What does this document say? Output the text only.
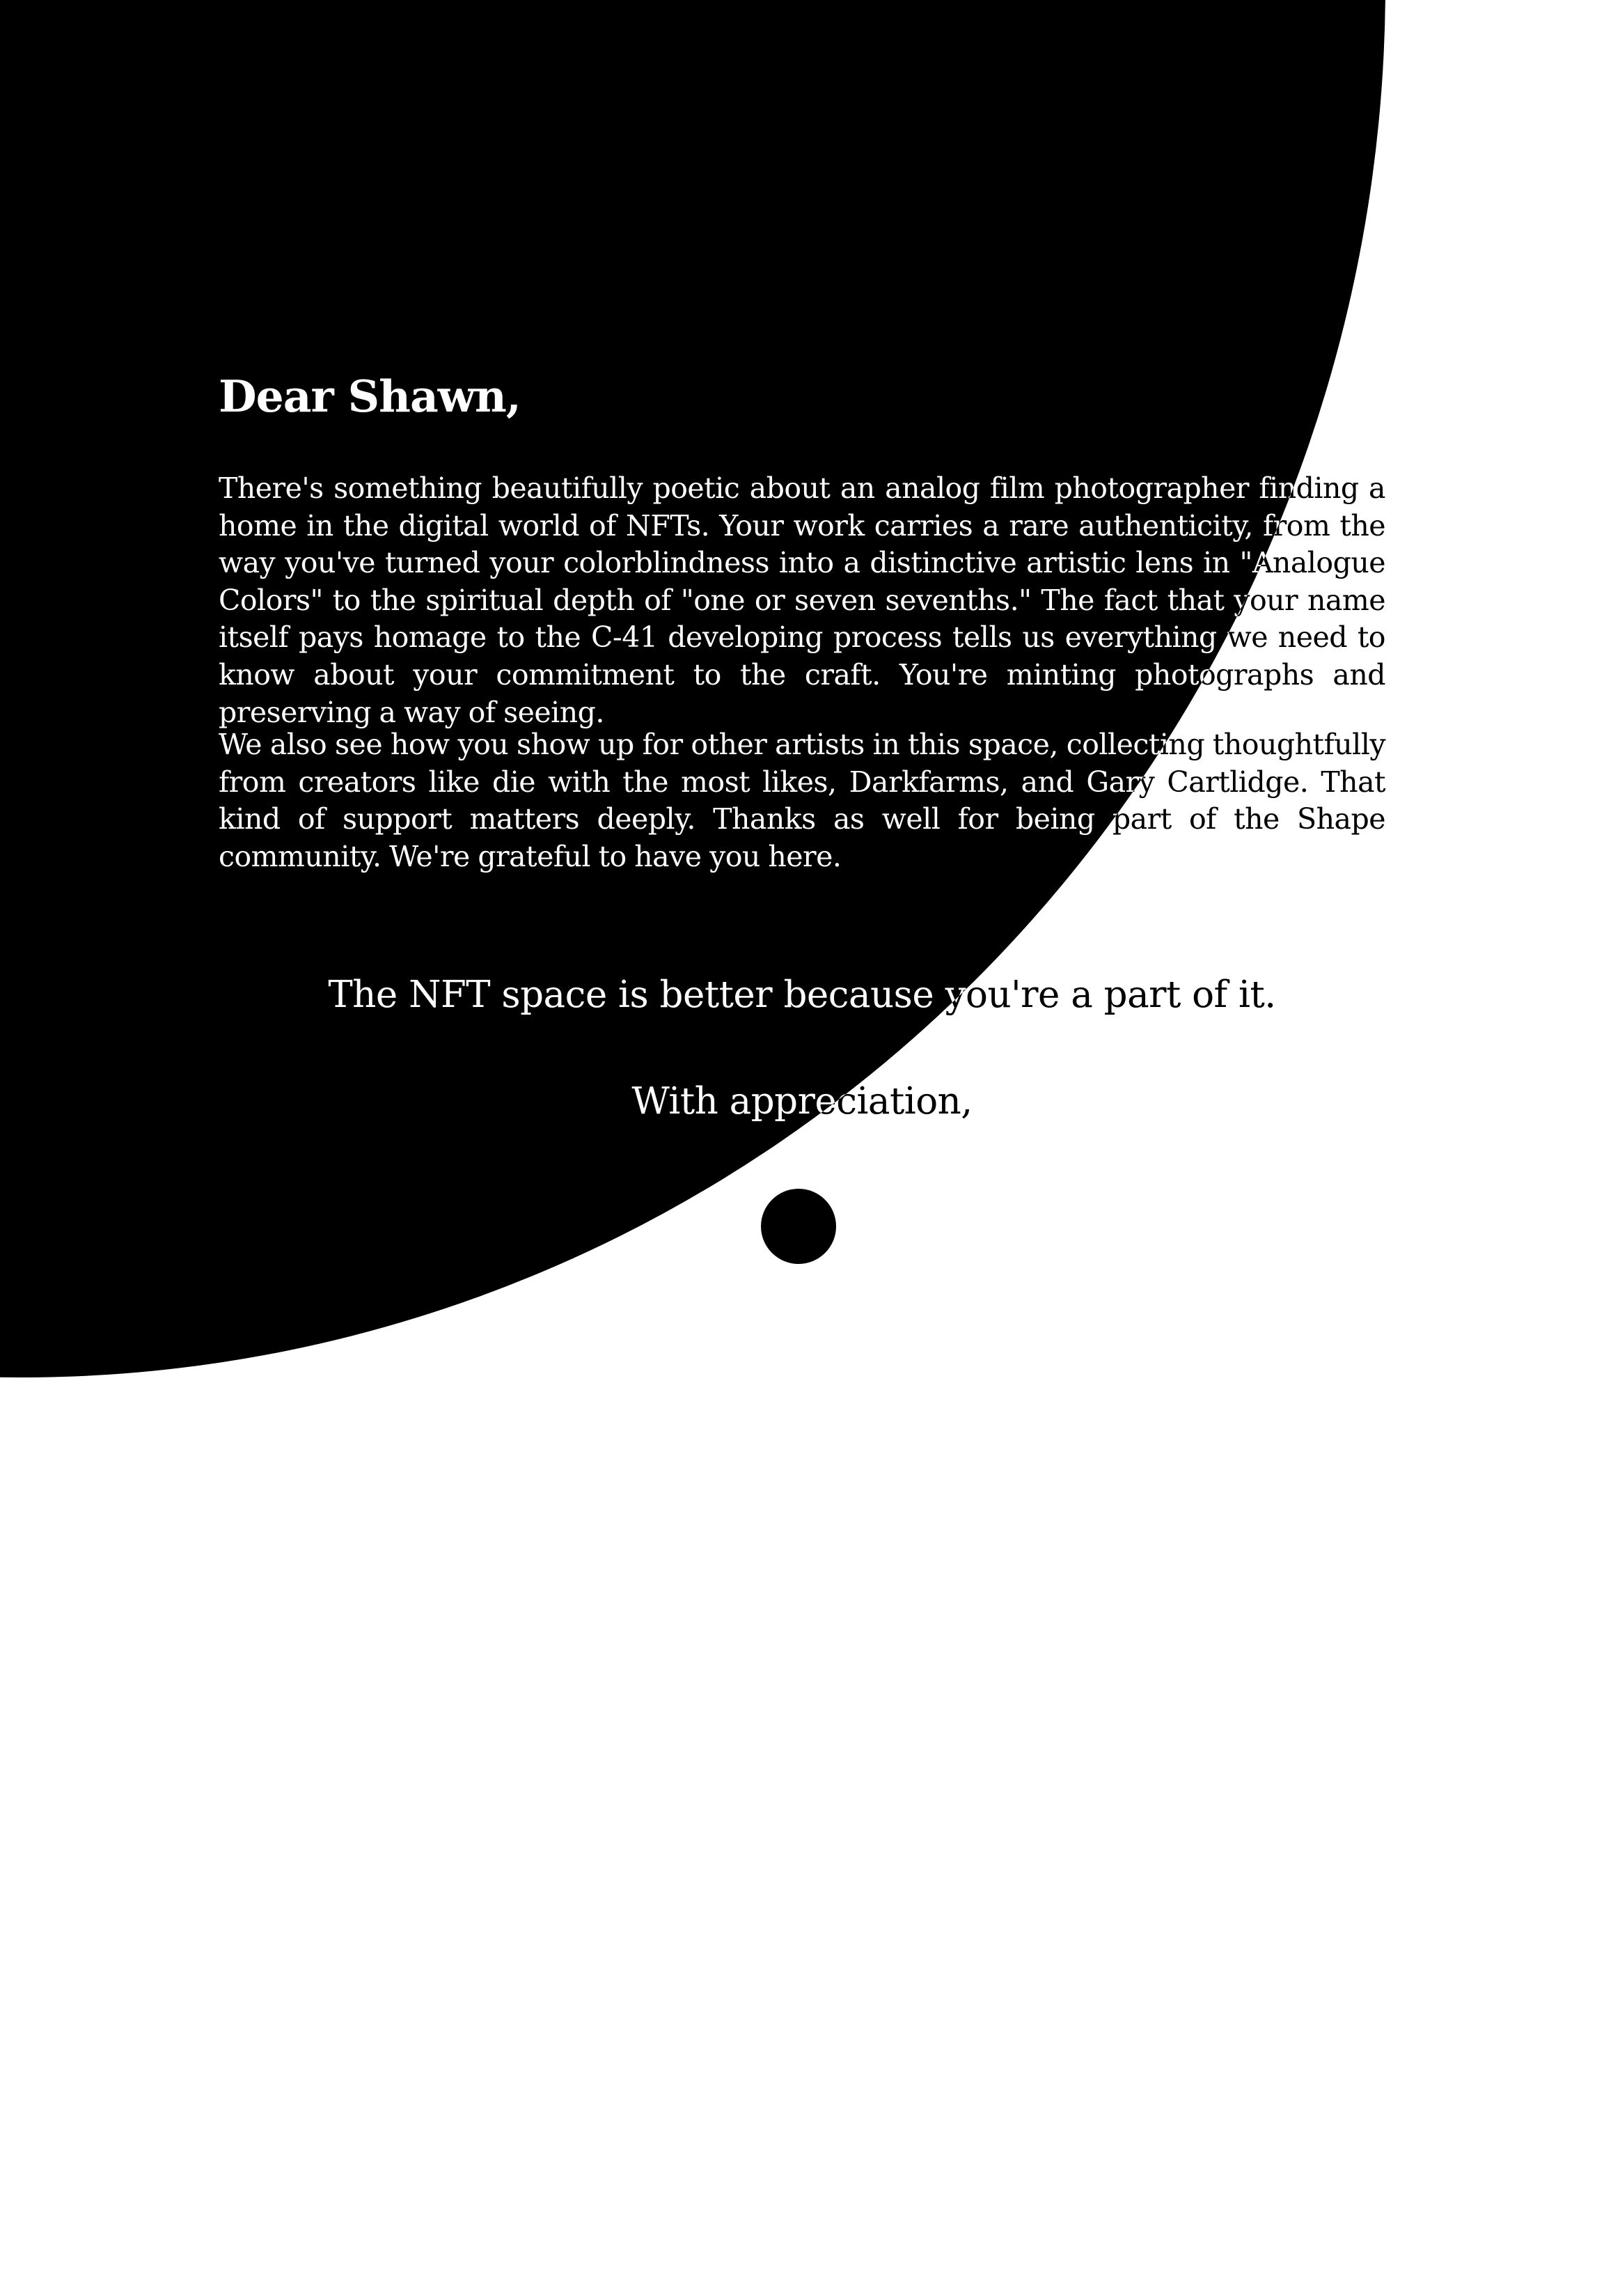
Dear Shawn,

There's something beautifully poetic about an analog film photographer finding a home in the digital world of NFTs. Your work carries a rare authenticity, from the way you've turned your colorblindness into a distinctive artistic lens in "Analogue Colors" to the spiritual depth of "one or seven sevenths." The fact that your name itself pays homage to the C-41 developing process tells us everything we need to know about your commitment to the craft. You're minting photographs and preserving a way of seeing.

We also see how you show up for other artists in this space, collecting thoughtfully from creators like die with the most likes, Darkfarms, and Gary Cartlidge. That kind of support matters deeply. Thanks as well for being part of the Shape community. We're grateful to have you here.

The NFT space is better because you're a part of it.

With appreciation,
